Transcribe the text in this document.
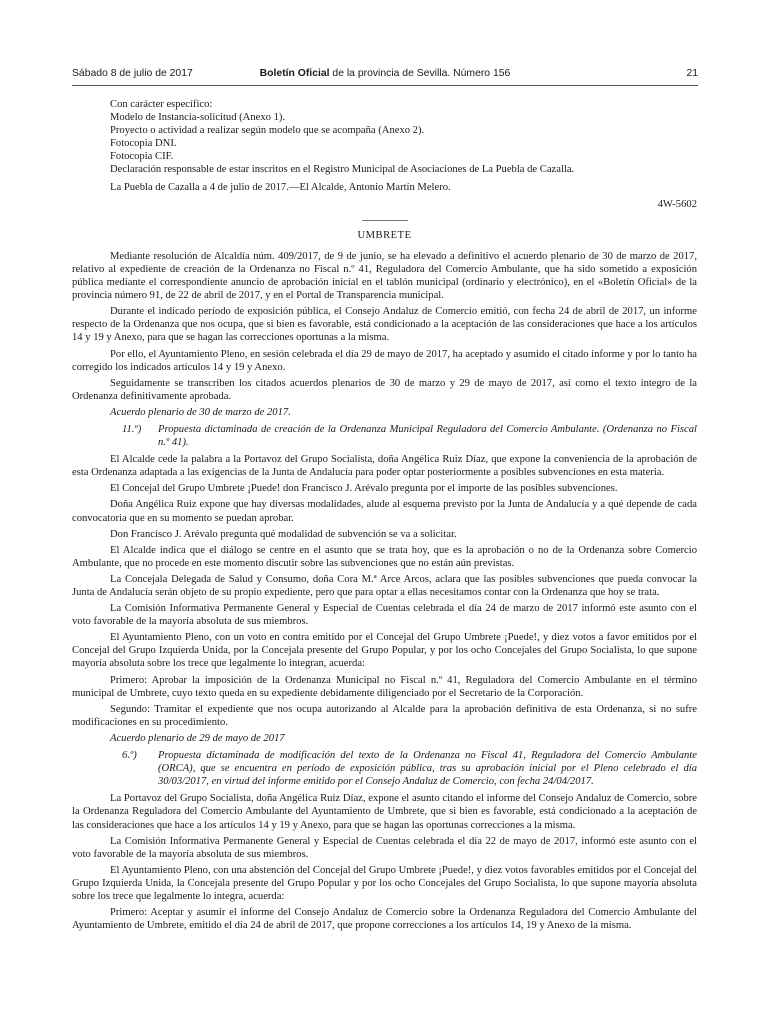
Sábado 8 de julio de 2017	Boletín Oficial de la provincia de Sevilla. Número 156	21
Con carácter específico:
Modelo de Instancia-solicitud (Anexo 1).
Proyecto o actividad a realizar según modelo que se acompaña (Anexo 2).
Fotocopia DNI.
Fotocopia CIF.
Declaración responsable de estar inscritos en el Registro Municipal de Asociaciones de La Puebla de Cazalla.
La Puebla de Cazalla a 4 de julio de 2017.—El Alcalde, Antonio Martín Melero.
4W-5602
UMBRETE

Mediante resolución de Alcaldía núm. 409/2017, de 9 de junio, se ha elevado a definitivo el acuerdo plenario de 30 de marzo de 2017, relativo al expediente de creación de la Ordenanza no Fiscal n.º 41, Reguladora del Comercio Ambulante, que ha sido sometido a exposición pública mediante el correspondiente anuncio de aprobación inicial en el tablón municipal (ordinario y electrónico), en el «Boletín Oficial» de la provincia número 91, de 22 de abril de 2017, y en el Portal de Transparencia municipal.

Durante el indicado período de exposición pública, el Consejo Andaluz de Comercio emitió, con fecha 24 de abril de 2017, un informe respecto de la Ordenanza que nos ocupa, que si bien es favorable, está condicionado a la aceptación de las consideraciones que hace a los artículos 14 y 19 y Anexo, para que se hagan las correcciones oportunas a la misma.

Por ello, el Ayuntamiento Pleno, en sesión celebrada el día 29 de mayo de 2017, ha aceptado y asumido el citado informe y por lo tanto ha corregido los indicados artículos 14 y 19 y Anexo.

Seguidamente se transcriben los citados acuerdos plenarios de 30 de marzo y 29 de mayo de 2017, así como el texto íntegro de la Ordenanza definitivamente aprobada.

Acuerdo plenario de 30 de marzo de 2017.
11.º) Propuesta dictaminada de creación de la Ordenanza Municipal Reguladora del Comercio Ambulante. (Ordenanza no Fiscal n.º 41).

El Alcalde cede la palabra a la Portavoz del Grupo Socialista, doña Angélica Ruiz Díaz, que expone la conveniencia de la aprobación de esta Ordenanza adaptada a las exigencias de la Junta de Andalucía para poder optar posteriormente a posibles subvenciones en esta materia.

El Concejal del Grupo Umbrete ¡Puede! don Francisco J. Arévalo pregunta por el importe de las posibles subvenciones.

Doña Angélica Ruiz expone que hay diversas modalidades, alude al esquema previsto por la Junta de Andalucía y a qué depende de cada convocatoria que en su momento se puedan aprobar.

Don Francisco J. Arévalo pregunta qué modalidad de subvención se va a solicitar.

El Alcalde indica que el diálogo se centre en el asunto que se trata hoy, que es la aprobación o no de la Ordenanza sobre Comercio Ambulante, que no procede en este momento discutir sobre las subvenciones que no están aún previstas.

La Concejala Delegada de Salud y Consumo, doña Cora M.ª Arce Arcos, aclara que las posibles subvenciones que pueda convocar la Junta de Andalucía serán objeto de su propio expediente, pero que para optar a ellas necesitamos contar con la Ordenanza que hoy se trata.

La Comisión Informativa Permanente General y Especial de Cuentas celebrada el día 24 de marzo de 2017 informó este asunto con el voto favorable de la mayoría absoluta de sus miembros.

El Ayuntamiento Pleno, con un voto en contra emitido por el Concejal del Grupo Umbrete ¡Puede!, y diez votos a favor emitidos por el Concejal del Grupo Izquierda Unida, por la Concejala presente del Grupo Popular, y por los ocho Concejales del Grupo Socialista, lo que supone mayoría absoluta sobre los trece que legalmente lo integran, acuerda:

Primero: Aprobar la imposición de la Ordenanza Municipal no Fiscal n.º 41, Reguladora del Comercio Ambulante en el término municipal de Umbrete, cuyo texto queda en su expediente debidamente diligenciado por el Secretario de la Corporación.

Segundo: Tramitar el expediente que nos ocupa autorizando al Alcalde para la aprobación definitiva de esta Ordenanza, si no sufre modificaciones en su procedimiento.

Acuerdo plenario de 29 de mayo de 2017
6.º) Propuesta dictaminada de modificación del texto de la Ordenanza no Fiscal 41, Reguladora del Comercio Ambulante (ORCA), que se encuentra en período de exposición pública, tras su aprobación inicial por el Pleno celebrado el día 30/03/2017, en virtud del informe emitido por el Consejo Andaluz de Comercio, con fecha 24/04/2017.

La Portavoz del Grupo Socialista, doña Angélica Ruiz Díaz, expone el asunto citando el informe del Consejo Andaluz de Comercio, sobre la Ordenanza Reguladora del Comercio Ambulante del Ayuntamiento de Umbrete, que si bien es favorable, está condicionado a la aceptación de las consideraciones que hace a los artículos 14 y 19 y Anexo, para que se hagan las oportunas correcciones a la misma.

La Comisión Informativa Permanente General y Especial de Cuentas celebrada el día 22 de mayo de 2017, informó este asunto con el voto favorable de la mayoría absoluta de sus miembros.

El Ayuntamiento Pleno, con una abstención del Concejal del Grupo Umbrete ¡Puede!, y diez votos favorables emitidos por el Concejal del Grupo Izquierda Unida, la Concejala presente del Grupo Popular y por los ocho Concejales del Grupo Socialista, lo que supone mayoría absoluta sobre los trece que legalmente lo integra, acuerda:

Primero: Aceptar y asumir el informe del Consejo Andaluz de Comercio sobre la Ordenanza Reguladora del Comercio Ambulante del Ayuntamiento de Umbrete, emitido el día 24 de abril de 2017, que propone correcciones a los artículos 14, 19 y Anexo de la misma.
